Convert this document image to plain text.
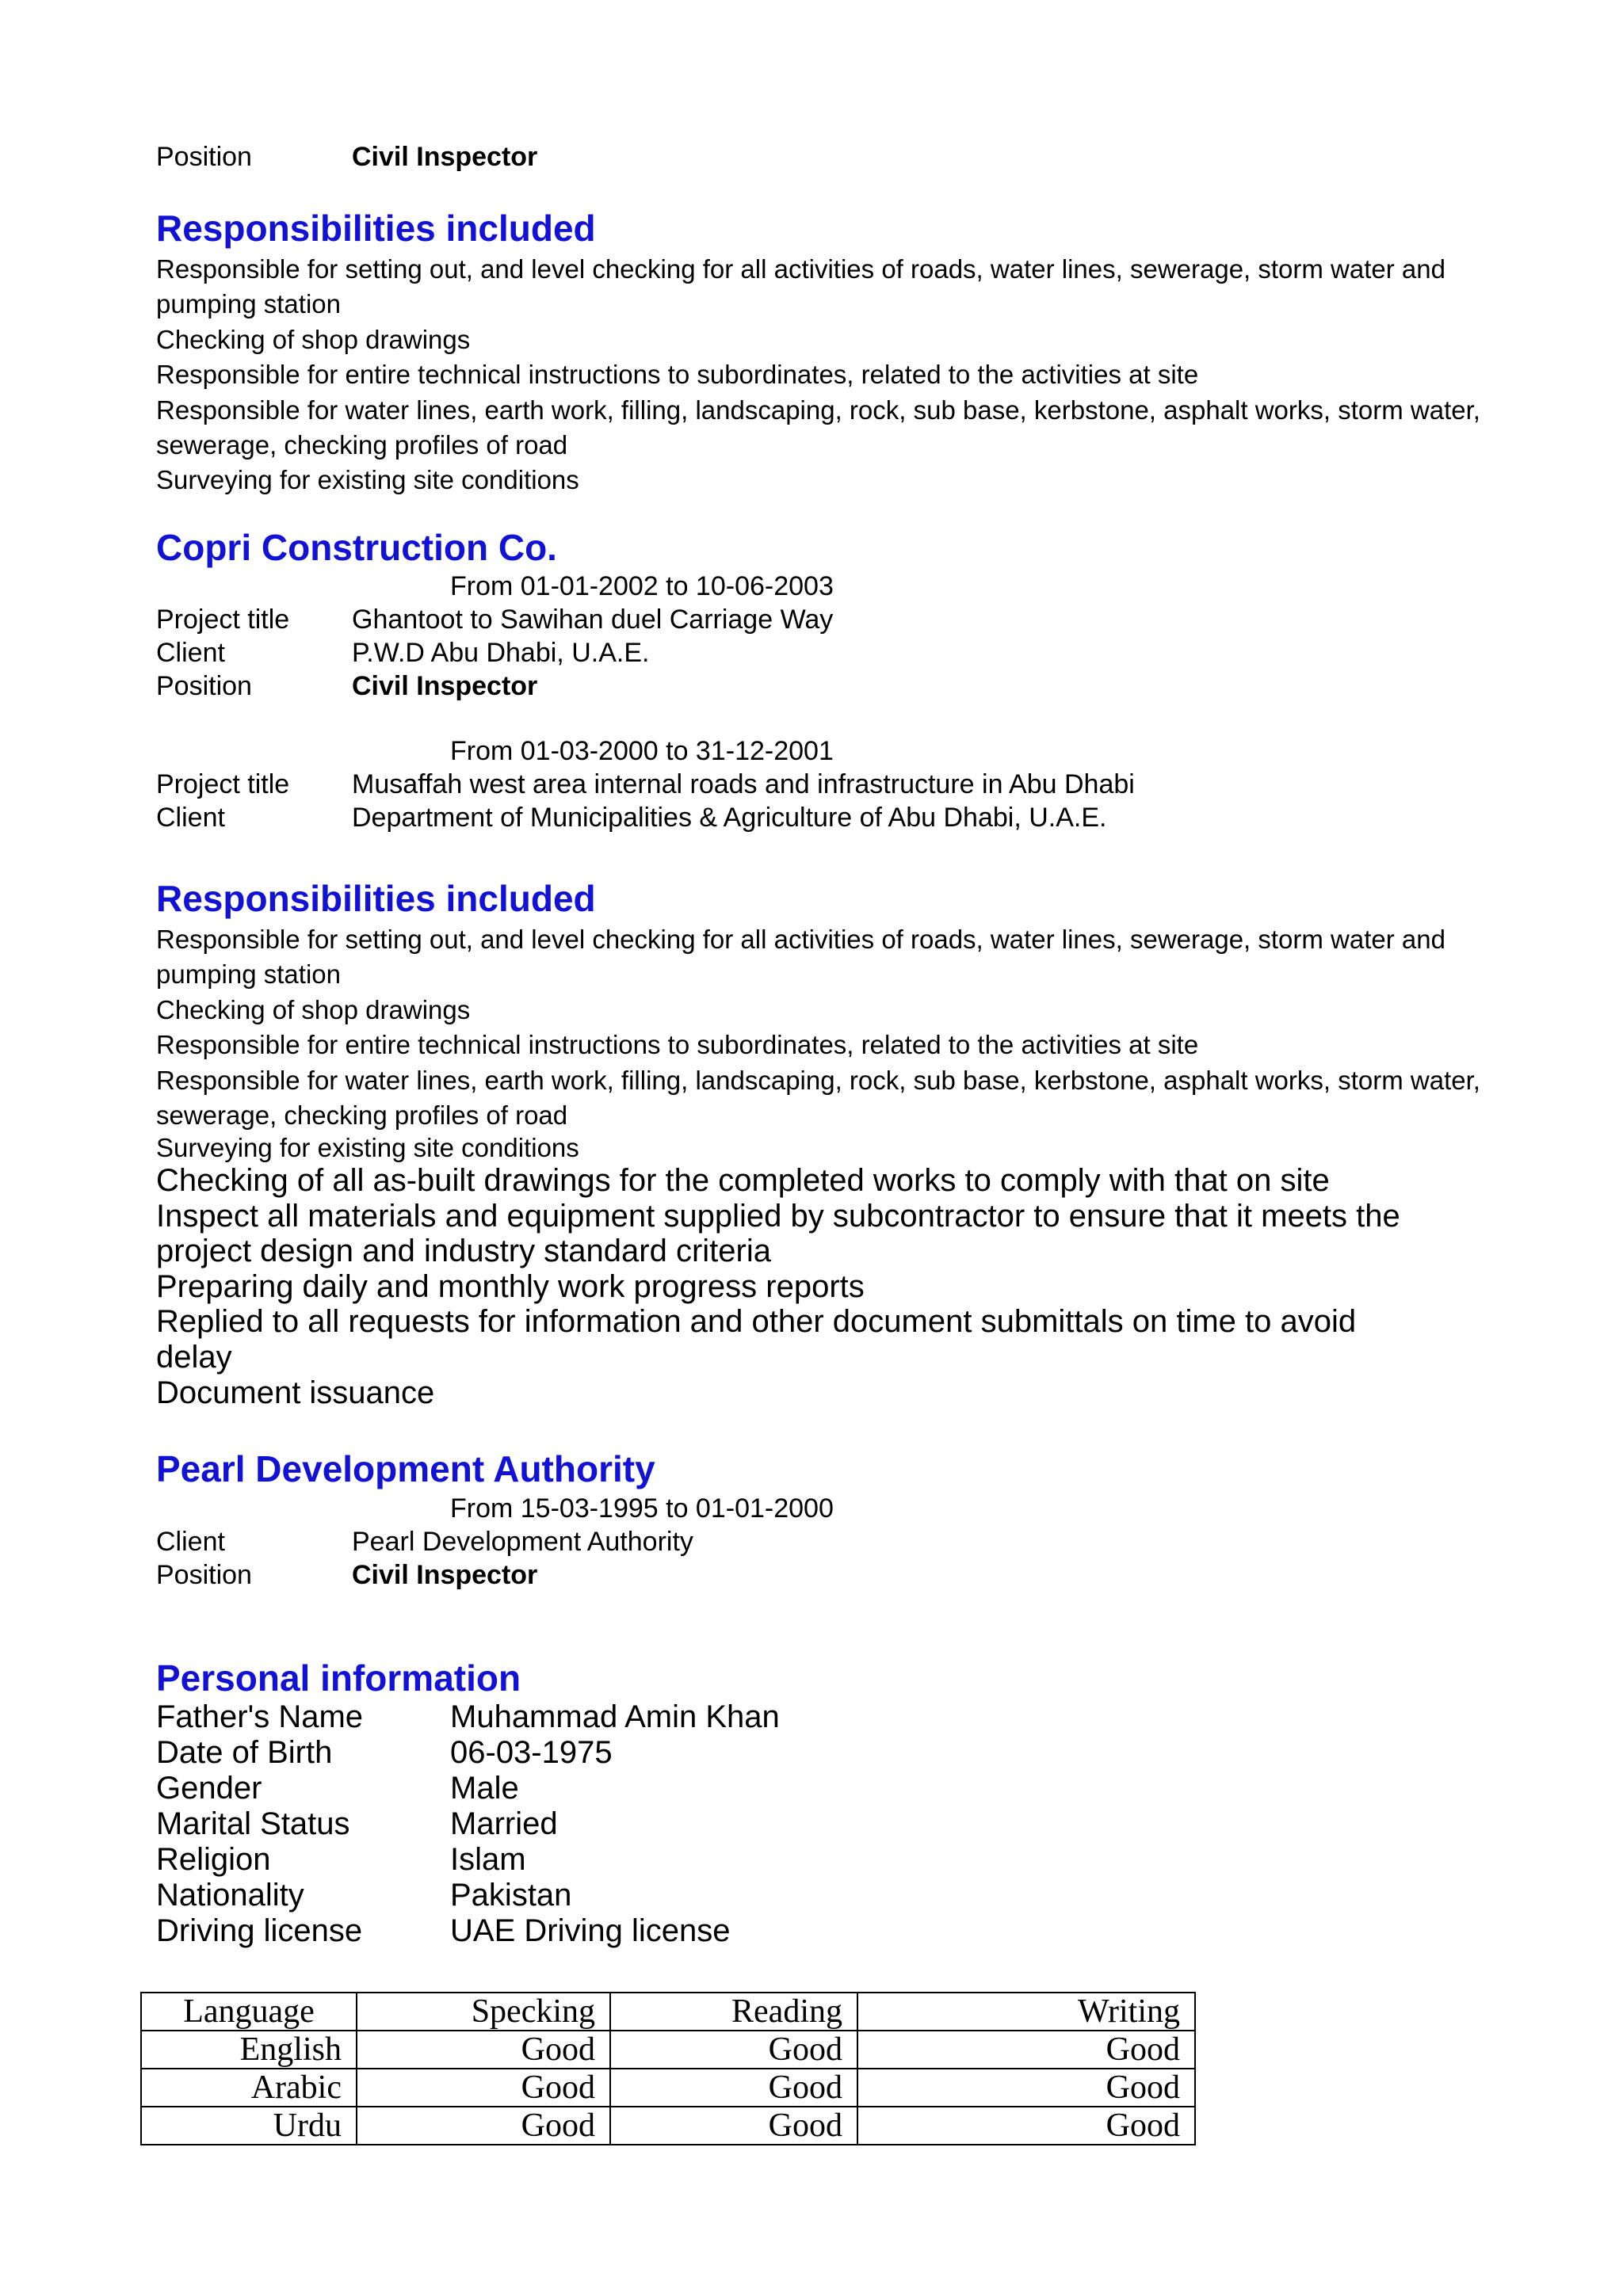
Position	Civil Inspector
Responsibilities included
Responsible for setting out, and level checking for all activities of roads, water lines, sewerage, storm water and pumping station
Checking of shop drawings
Responsible for entire technical instructions to subordinates, related to the activities at site
Responsible for water lines, earth work, filling, landscaping, rock, sub base, kerbstone, asphalt works, storm water, sewerage, checking profiles of road
Surveying for existing site conditions
Copri Construction Co.
From 01-01-2002 to 10-06-2003
Project title Ghantoot to Sawihan duel Carriage Way
Client	P.W.D Abu Dhabi, U.A.E.
Position	Civil Inspector
From 01-03-2000 to 31-12-2001
Project title Musaffah west area internal roads and infrastructure in Abu Dhabi
Client	Department of Municipalities & Agriculture of Abu Dhabi, U.A.E.
Responsibilities included
Responsible for setting out, and level checking for all activities of roads, water lines, sewerage, storm water and pumping station
Checking of shop drawings
Responsible for entire technical instructions to subordinates, related to the activities at site
Responsible for water lines, earth work, filling, landscaping, rock, sub base, kerbstone, asphalt works, storm water, sewerage, checking profiles of road
Surveying for existing site conditions
Checking of all as-built drawings for the completed works to comply with that on site
Inspect all materials and equipment supplied by subcontractor to ensure that it meets the project design and industry standard criteria
Preparing daily and monthly work progress reports
Replied to all requests for information and other document submittals on time to avoid delay
Document issuance
Pearl Development Authority
From 15-03-1995 to 01-01-2000
Client	Pearl Development Authority
Position	Civil Inspector
Personal information
Father's Name	Muhammad Amin Khan
Date of Birth	06-03-1975
Gender	Male
Marital Status	Married
Religion	Islam
Nationality	Pakistan
Driving license	UAE Driving license
Language	Specking	Reading	Writing
English	Good	Good	Good
Arabic	Good	Good	Good
Urdu	Good	Good	Good
